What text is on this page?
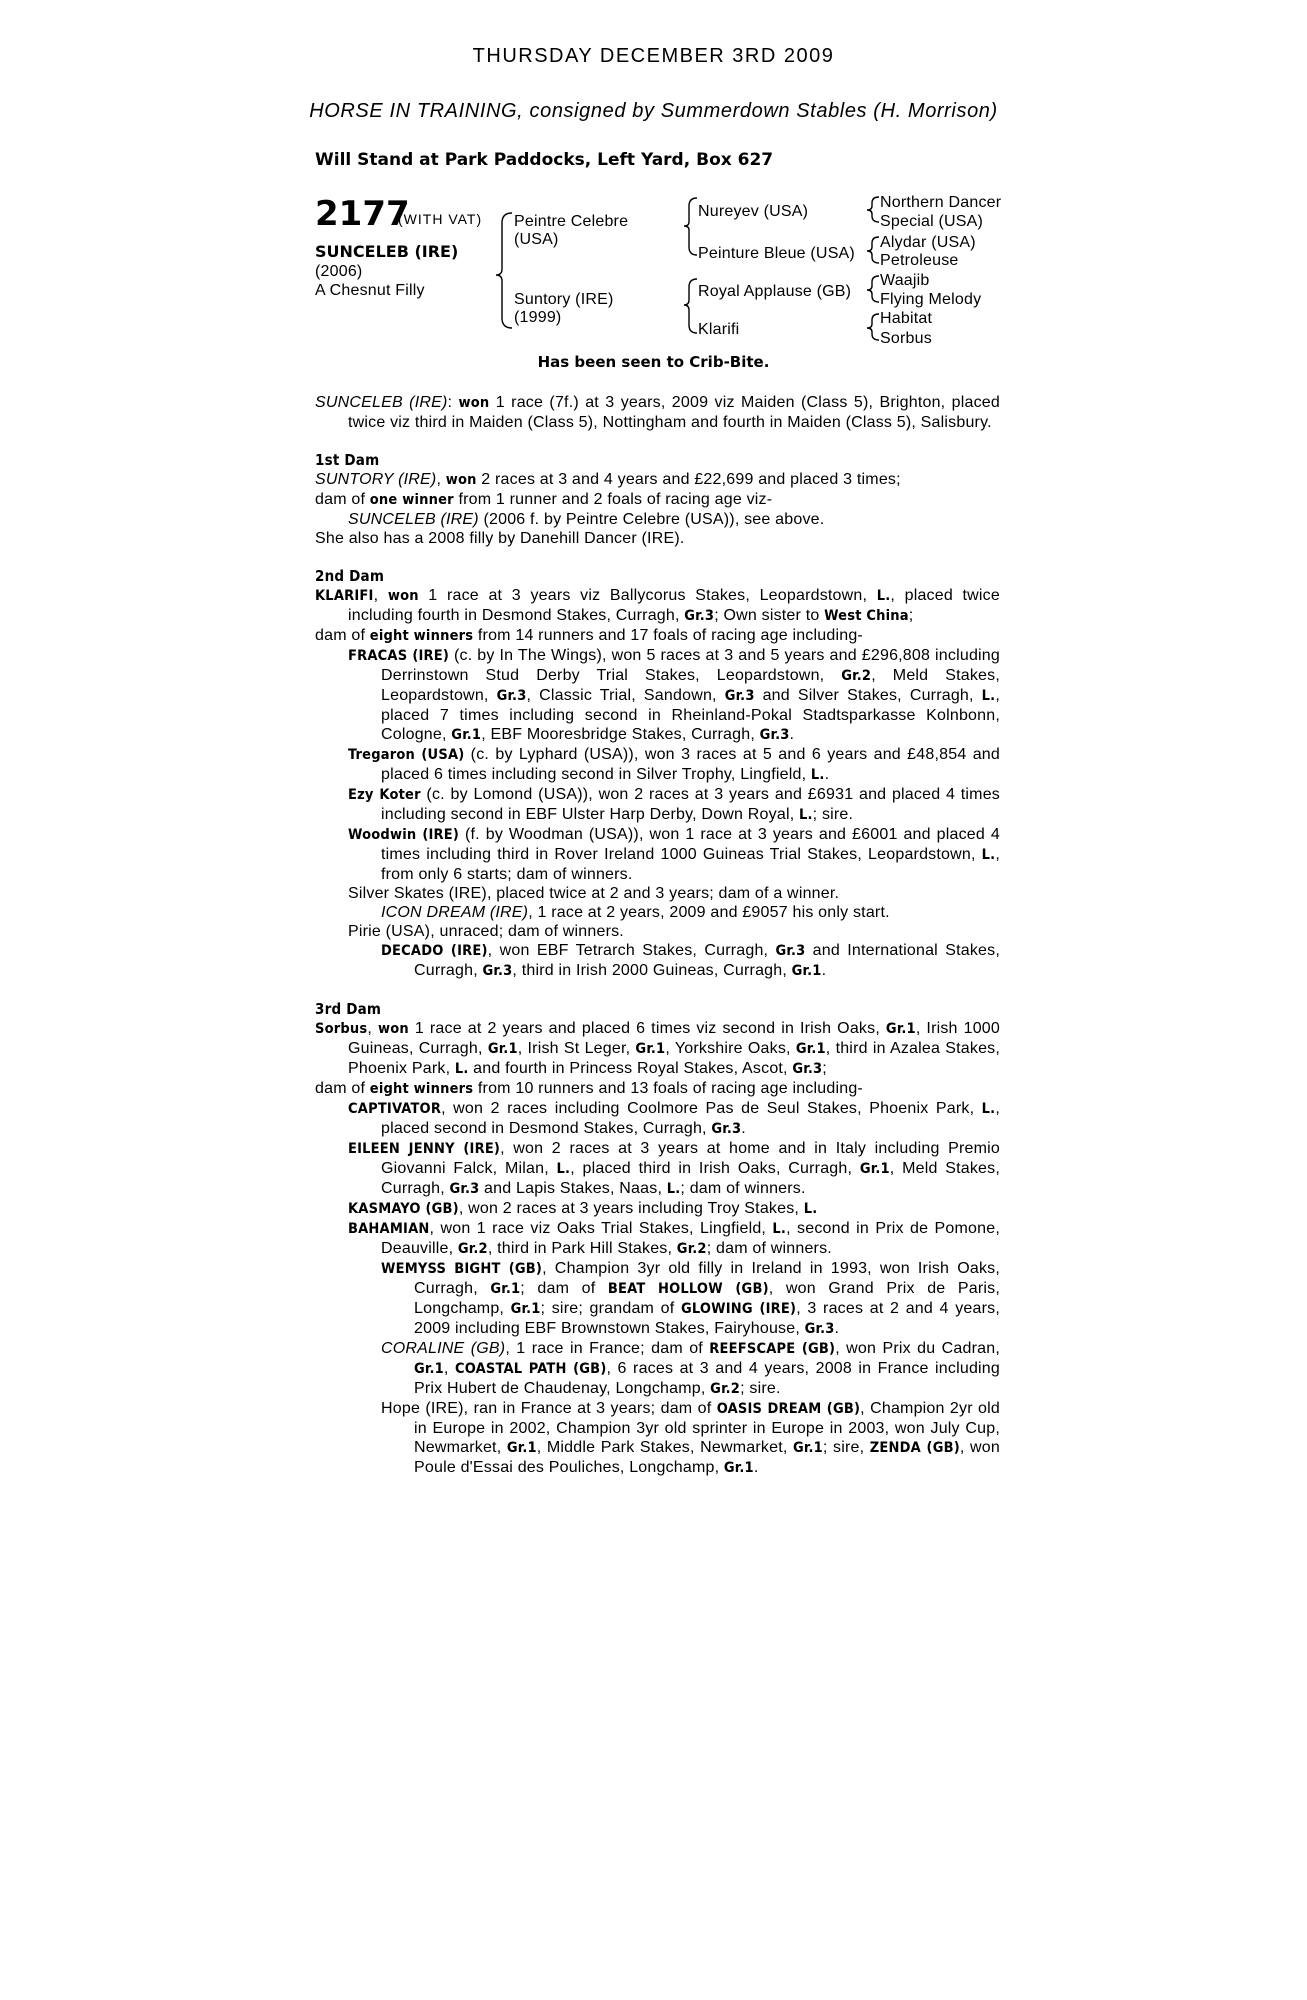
THURSDAY DECEMBER 3RD 2009
HORSE IN TRAINING, consigned by Summerdown Stables (H. Morrison)
Will Stand at Park Paddocks, Left Yard, Box 627
2177
(WITH VAT)
SUNCELEB (IRE)
(2006)
A Chesnut Filly
Peintre Celebre
(USA)
Suntory (IRE)
(1999)
Nureyev (USA)
Peinture Bleue (USA)
Royal Applause (GB)
Klarifi
Northern Dancer
Special (USA)
Alydar (USA)
Petroleuse
Waajib
Flying Melody
Habitat
Sorbus
Has been seen to Crib-Bite.

SUNCELEB (IRE): won 1 race (7f.) at 3 years, 2009 viz Maiden (Class 5), Brighton, placed twice viz third in Maiden (Class 5), Nottingham and fourth in Maiden (Class 5), Salisbury.

1st Dam

SUNTORY (IRE), won 2 races at 3 and 4 years and £22,699 and placed 3 times;

dam of one winner from 1 runner and 2 foals of racing age viz-

SUNCELEB (IRE) (2006 f. by Peintre Celebre (USA)), see above.

She also has a 2008 filly by Danehill Dancer (IRE).

2nd Dam

KLARIFI, won 1 race at 3 years viz Ballycorus Stakes, Leopardstown, L., placed twice including fourth in Desmond Stakes, Curragh, Gr.3; Own sister to West China;

dam of eight winners from 14 runners and 17 foals of racing age including-

FRACAS (IRE) (c. by In The Wings), won 5 races at 3 and 5 years and £296,808 including Derrinstown Stud Derby Trial Stakes, Leopardstown, Gr.2, Meld Stakes, Leopardstown, Gr.3, Classic Trial, Sandown, Gr.3 and Silver Stakes, Curragh, L., placed 7 times including second in Rheinland-Pokal Stadtsparkasse Kolnbonn, Cologne, Gr.1, EBF Mooresbridge Stakes, Curragh, Gr.3.

Tregaron (USA) (c. by Lyphard (USA)), won 3 races at 5 and 6 years and £48,854 and placed 6 times including second in Silver Trophy, Lingfield, L..

Ezy Koter (c. by Lomond (USA)), won 2 races at 3 years and £6931 and placed 4 times including second in EBF Ulster Harp Derby, Down Royal, L.; sire.

Woodwin (IRE) (f. by Woodman (USA)), won 1 race at 3 years and £6001 and placed 4 times including third in Rover Ireland 1000 Guineas Trial Stakes, Leopardstown, L., from only 6 starts; dam of winners.

Silver Skates (IRE), placed twice at 2 and 3 years; dam of a winner.

ICON DREAM (IRE), 1 race at 2 years, 2009 and £9057 his only start.

Pirie (USA), unraced; dam of winners.

DECADO (IRE), won EBF Tetrarch Stakes, Curragh, Gr.3 and International Stakes, Curragh, Gr.3, third in Irish 2000 Guineas, Curragh, Gr.1.

3rd Dam

Sorbus, won 1 race at 2 years and placed 6 times viz second in Irish Oaks, Gr.1, Irish 1000 Guineas, Curragh, Gr.1, Irish St Leger, Gr.1, Yorkshire Oaks, Gr.1, third in Azalea Stakes, Phoenix Park, L. and fourth in Princess Royal Stakes, Ascot, Gr.3;

dam of eight winners from 10 runners and 13 foals of racing age including-

CAPTIVATOR, won 2 races including Coolmore Pas de Seul Stakes, Phoenix Park, L., placed second in Desmond Stakes, Curragh, Gr.3.

EILEEN JENNY (IRE), won 2 races at 3 years at home and in Italy including Premio Giovanni Falck, Milan, L., placed third in Irish Oaks, Curragh, Gr.1, Meld Stakes, Curragh, Gr.3 and Lapis Stakes, Naas, L.; dam of winners.

KASMAYO (GB), won 2 races at 3 years including Troy Stakes, L.

BAHAMIAN, won 1 race viz Oaks Trial Stakes, Lingfield, L., second in Prix de Pomone, Deauville, Gr.2, third in Park Hill Stakes, Gr.2; dam of winners.

WEMYSS BIGHT (GB), Champion 3yr old filly in Ireland in 1993, won Irish Oaks, Curragh, Gr.1; dam of BEAT HOLLOW (GB), won Grand Prix de Paris, Longchamp, Gr.1; sire; grandam of GLOWING (IRE), 3 races at 2 and 4 years, 2009 including EBF Brownstown Stakes, Fairyhouse, Gr.3.

CORALINE (GB), 1 race in France; dam of REEFSCAPE (GB), won Prix du Cadran, Gr.1, COASTAL PATH (GB), 6 races at 3 and 4 years, 2008 in France including Prix Hubert de Chaudenay, Longchamp, Gr.2; sire.

Hope (IRE), ran in France at 3 years; dam of OASIS DREAM (GB), Champion 2yr old in Europe in 2002, Champion 3yr old sprinter in Europe in 2003, won July Cup, Newmarket, Gr.1, Middle Park Stakes, Newmarket, Gr.1; sire, ZENDA (GB), won Poule d'Essai des Pouliches, Longchamp, Gr.1.
